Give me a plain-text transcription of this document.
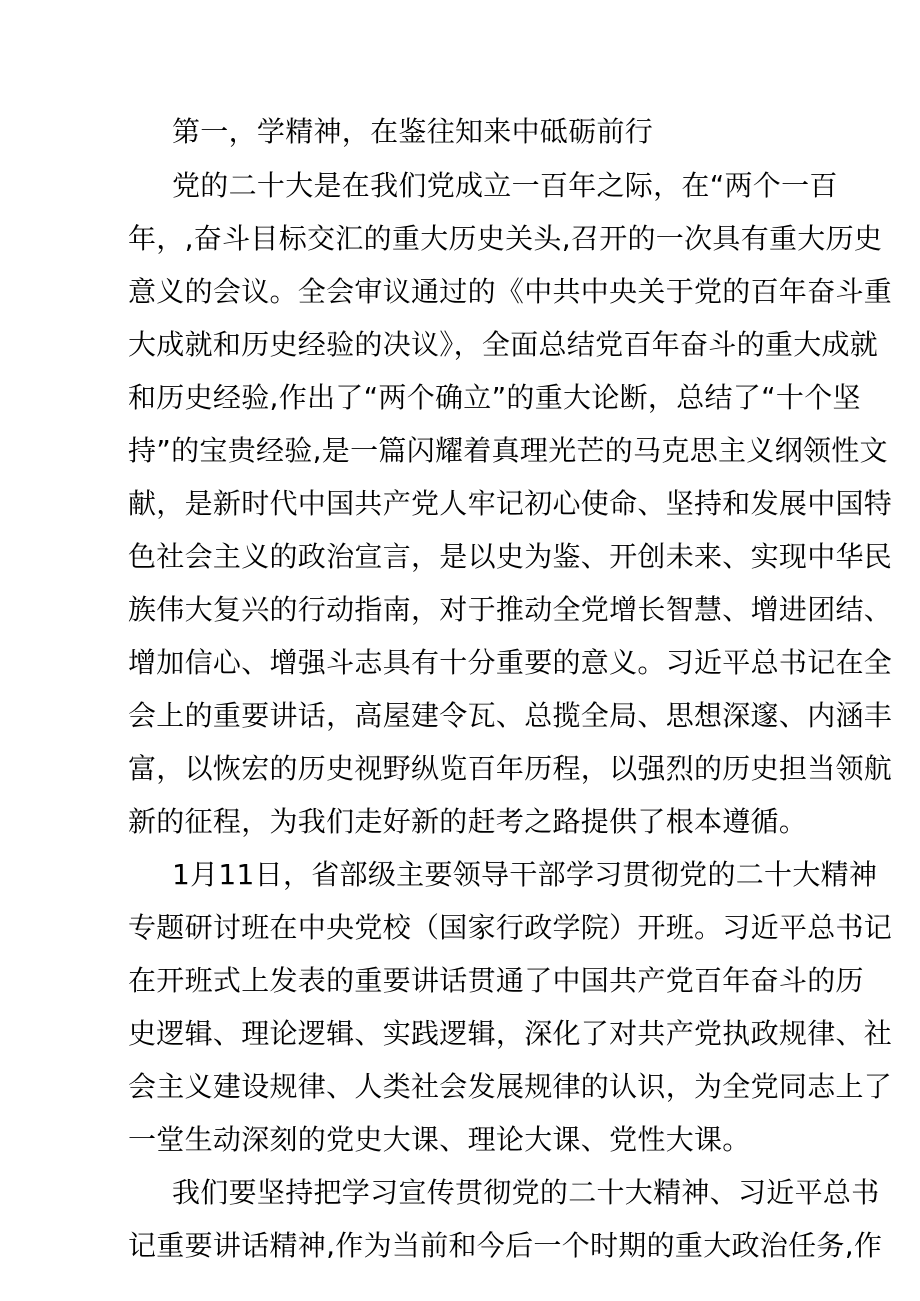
第一，学精神，在鉴往知来中砥砺前行
党的二十大是在我们党成立一百年之际，在“两个一百
年，,奋斗目标交汇的重大历史关头,召开的一次具有重大历史
意义的会议。全会审议通过的《中共中央关于党的百年奋斗重
大成就和历史经验的决议》，全面总结党百年奋斗的重大成就
和历史经验,作出了“两个确立”的重大论断，总结了“十个坚
持”的宝贵经验,是一篇闪耀着真理光芒的马克思主义纲领性文
献，是新时代中国共产党人牢记初心使命、坚持和发展中国特
色社会主义的政治宣言，是以史为鉴、开创未来、实现中华民
族伟大复兴的行动指南，对于推动全党增长智慧、增进团结、
增加信心、增强斗志具有十分重要的意义。习近平总书记在全
会上的重要讲话，高屋建令瓦、总揽全局、思想深邃、内涵丰
富，以恢宏的历史视野纵览百年历程，以强烈的历史担当领航
新的征程，为我们走好新的赶考之路提供了根本遵循。
1月11日，省部级主要领导干部学习贯彻党的二十大精神
专题研讨班在中央党校（国家行政学院）开班。习近平总书记
在开班式上发表的重要讲话贯通了中国共产党百年奋斗的历
史逻辑、理论逻辑、实践逻辑，深化了对共产党执政规律、社
会主义建设规律、人类社会发展规律的认识，为全党同志上了
一堂生动深刻的党史大课、理论大课、党性大课。
我们要坚持把学习宣传贯彻党的二十大精神、习近平总书
记重要讲话精神,作为当前和今后一个时期的重大政治任务,作
